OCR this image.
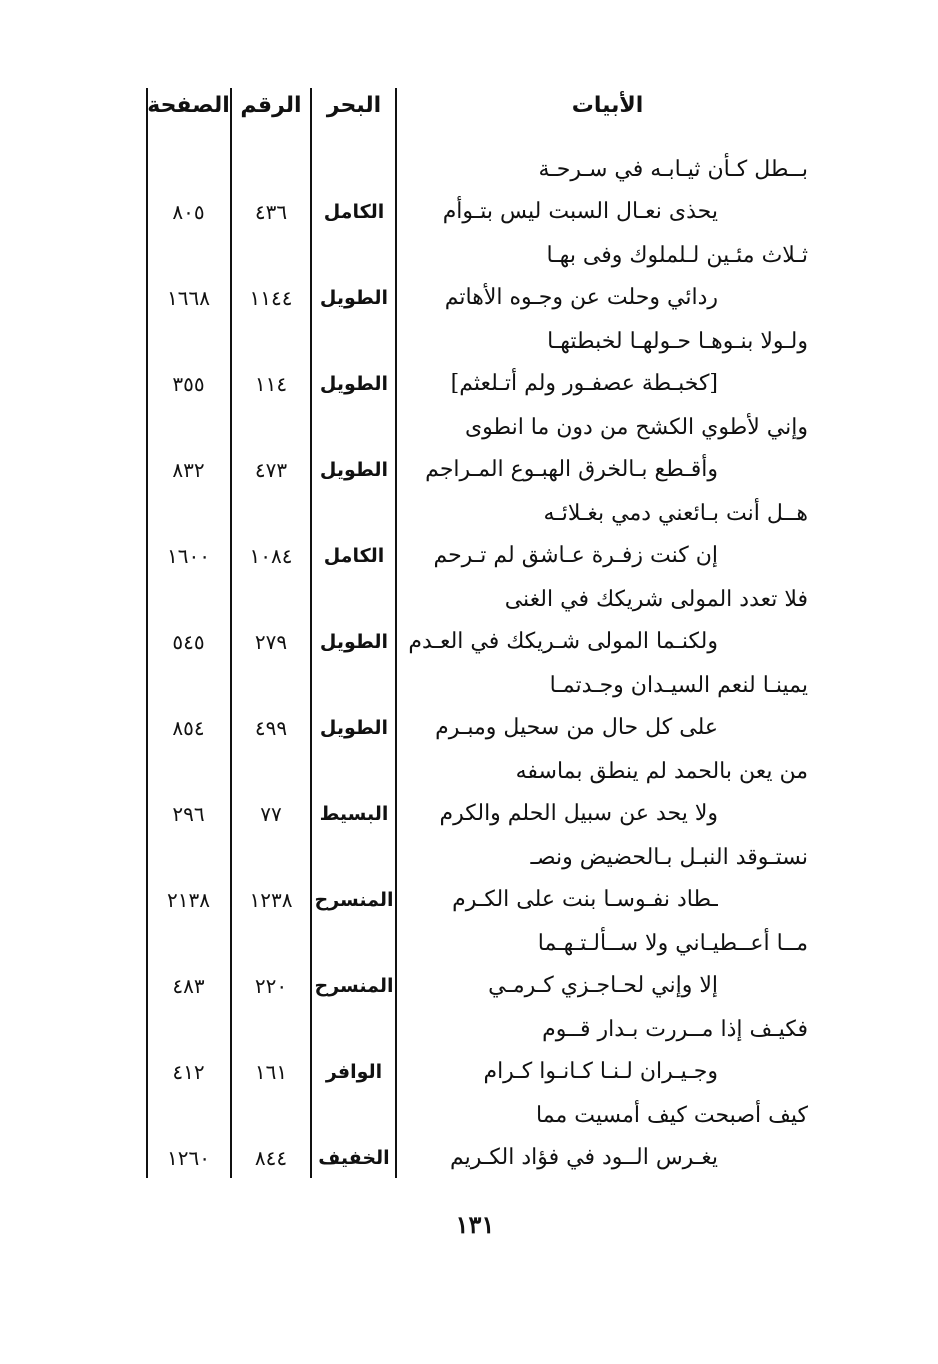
الأبيات
البحر
الرقم
الصفحة
بــطل كـأن ثيـابـه في سـرحـة
يحذى نعـال السبت ليس بتـوأم
الكامل
٤٣٦
٨٠٥
ثـلاث مئـين لـلملوك وفى بهـا
ردائي وحلت عن وجـوه الأهاتم
الطويل
١١٤٤
١٦٦٨
ولـولا بنـوهـا حـولهـا لخبطتهـا
[كخبـطة عصفـور ولم أتـلعثم]
الطويل
١١٤
٣٥٥
وإني لأطوي الكشح من دون ما انطوى
وأقـطع بـالخرق الهبـوع المـراجم
الطويل
٤٧٣
٨٣٢
هــل أنت بـائعني دمي بغـلائـه
إن كنت زفـرة عـاشق لم تـرحم
الكامل
١٠٨٤
١٦٠٠
فلا تعدد المولى شريكك في الغنى
ولكنـما المولى شـريكك في العـدم
الطويل
٢٧٩
٥٤٥
يمينـا لنعم السيـدان وجـدتمـا
على كل حال من سحيل ومبـرم
الطويل
٤٩٩
٨٥٤
من يعن بالحمد لم ينطق بماسفه
ولا يحد عن سبيل الحلم والكرم
البسيط
٧٧
٢٩٦
نستـوقد النبـل بـالحضيض ونصـ
ـطاد نفـوسـا بنت على الكـرم
المنسرح
١٢٣٨
٢١٣٨
مــا أعــطيـاني ولا ســألـتـهـما
إلا وإني لحـاجـزي كـرمـي
المنسرح
٢٢٠
٤٨٣
فكيـف إذا مــررت بـدار قــوم
وجـيـران لـنـا كـانـوا كـرام
الوافر
١٦١
٤١٢
كيف أصبحت كيف أمسيت مما
يغـرس الــود في فؤاد الكـريم
الخفيف
٨٤٤
١٢٦٠
١٣١
